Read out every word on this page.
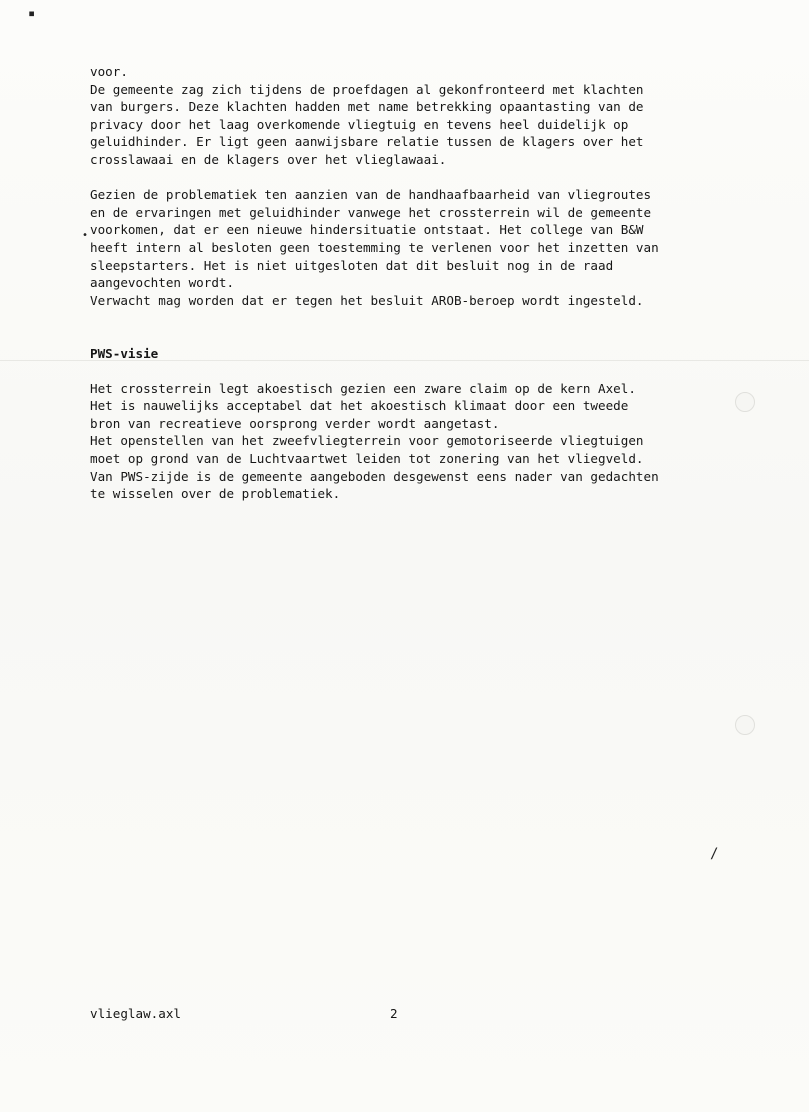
▪
voor.
De gemeente zag zich tijdens de proefdagen al gekonfronteerd met klachten
van burgers. Deze klachten hadden met name betrekking opaantasting van de
privacy door het laag overkomende vliegtuig en tevens heel duidelijk op
geluidhinder. Er ligt geen aanwijsbare relatie tussen de klagers over het
crosslawaai en de klagers over het vlieglawaai.
Gezien de problematiek ten aanzien van de handhaafbaarheid van vliegroutes
en de ervaringen met geluidhinder vanwege het crossterrein wil de gemeente
voorkomen, dat er een nieuwe hindersituatie ontstaat. Het college van B&W
heeft intern al besloten geen toestemming te verlenen voor het inzetten van
sleepstarters. Het is niet uitgesloten dat dit besluit nog in de raad
aangevochten wordt.
Verwacht mag worden dat er tegen het besluit AROB-beroep wordt ingesteld.

PWS-visie

Het crossterrein legt akoestisch gezien een zware claim op de kern Axel.
Het is nauwelijks acceptabel dat het akoestisch klimaat door een tweede
bron van recreatieve oorsprong verder wordt aangetast.
Het openstellen van het zweefvliegterrein voor gemotoriseerde vliegtuigen
moet op grond van de Luchtvaartwet leiden tot zonering van het vliegveld.
Van PWS-zijde is de gemeente aangeboden desgewenst eens nader van gedachten
te wisselen over de problematiek.
vlieglaw.axl	2
/
•
